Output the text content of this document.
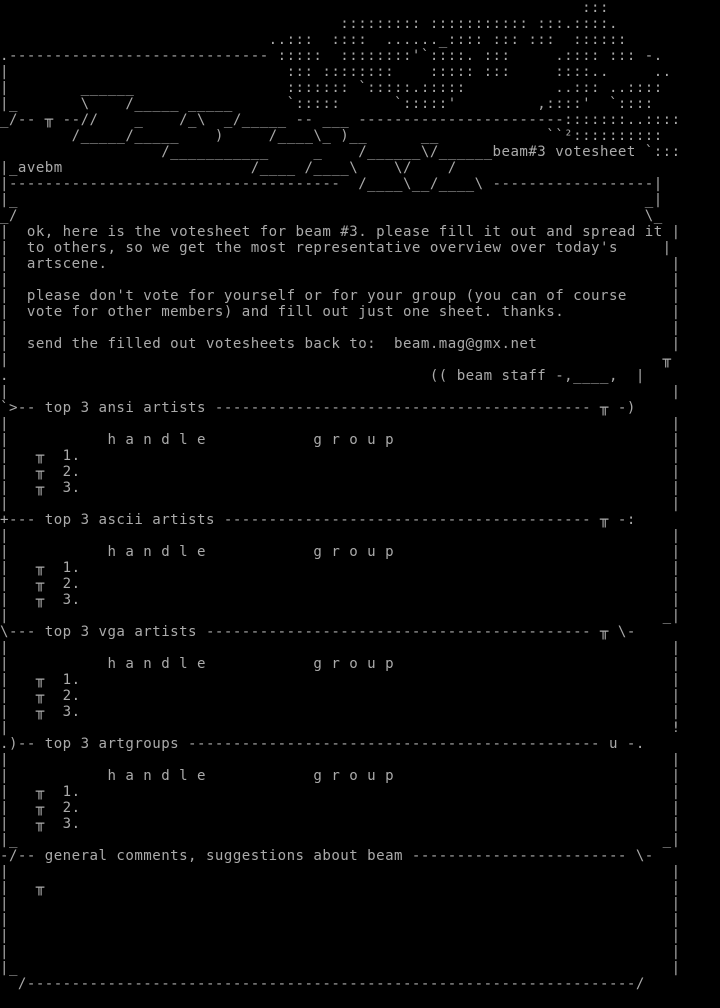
:::
::::::::: ::::::::::: :::.::::.
..:::  ::::  ......_:::: ::: :::  ::::::
.----------------------------- :::::  ::::::::'`::::. :::     .:::: ::: -.
|                               ::: ::::::::    ::::: :::     ::::..     ..
|        ______                 ::::::: `:::::.:::::          ..::: ..::::
|_       \    /_____ _____      `:::::      `:::::'         ,::::'  `::::
_/-- ╥ --//    _    /_\  _/_____ -- ___ -----------------------:::::::..::::
/_____/_____    )     /____\_ )__      __            ``²::::::::::
/___________     _    /______\/______beam#3 votesheet `:::
|_avebm                     /____ /____\    \/    /
|-------------------------------------  /____\__/____\ ------------------|
|_                                                                      _|
_/                                                                      \_
|  ok, here is the votesheet for beam #3. please fill it out and spread it |
|  to others, so we get the most representative overview over today's     |
|  artscene.                                                               |
|                                                                          |
|  please don't vote for yourself or for your group (you can of course     |
|  vote for other members) and fill out just one sheet. thanks.            |
|                                                                          |
|  send the filled out votesheets back to:  beam.mag@gmx.net               |
|                                                                         ╥
.                                               (( beam staff -,____,  |
|                                                                          |
`>-- top 3 ansi artists ------------------------------------------ ╥ -)
|                                                                          |
|           h a n d l e            g r o u p                               |
|   ╥  1.                                                                  |
|   ╥  2.                                                                  |
|   ╥  3.                                                                  |
|                                                                          |
+--- top 3 ascii artists ----------------------------------------- ╥ -:
|                                                                          |
|           h a n d l e            g r o u p                               |
|   ╥  1.                                                                  |
|   ╥  2.                                                                  |
|   ╥  3.                                                                  |
|                                                                         _|
\--- top 3 vga artists ------------------------------------------- ╥ \-
|                                                                          |
|           h a n d l e            g r o u p                               |
|   ╥  1.                                                                  |
|   ╥  2.                                                                  |
|   ╥  3.                                                                  |
|                                                                          !
.)-- top 3 artgroups ---------------------------------------------- u -.
|                                                                          |
|           h a n d l e            g r o u p                               |
|   ╥  1.                                                                  |
|   ╥  2.                                                                  |
|   ╥  3.                                                                  |
|_                                                                        _|
-/-- general comments, suggestions about beam ------------------------ \-
|                                                                          |
|   ╥                                                                      |
|                                                                          |
|                                                                          |
|                                                                          |
|                                                                          |
|_                                                                         |
/--------------------------------------------------------------------/
